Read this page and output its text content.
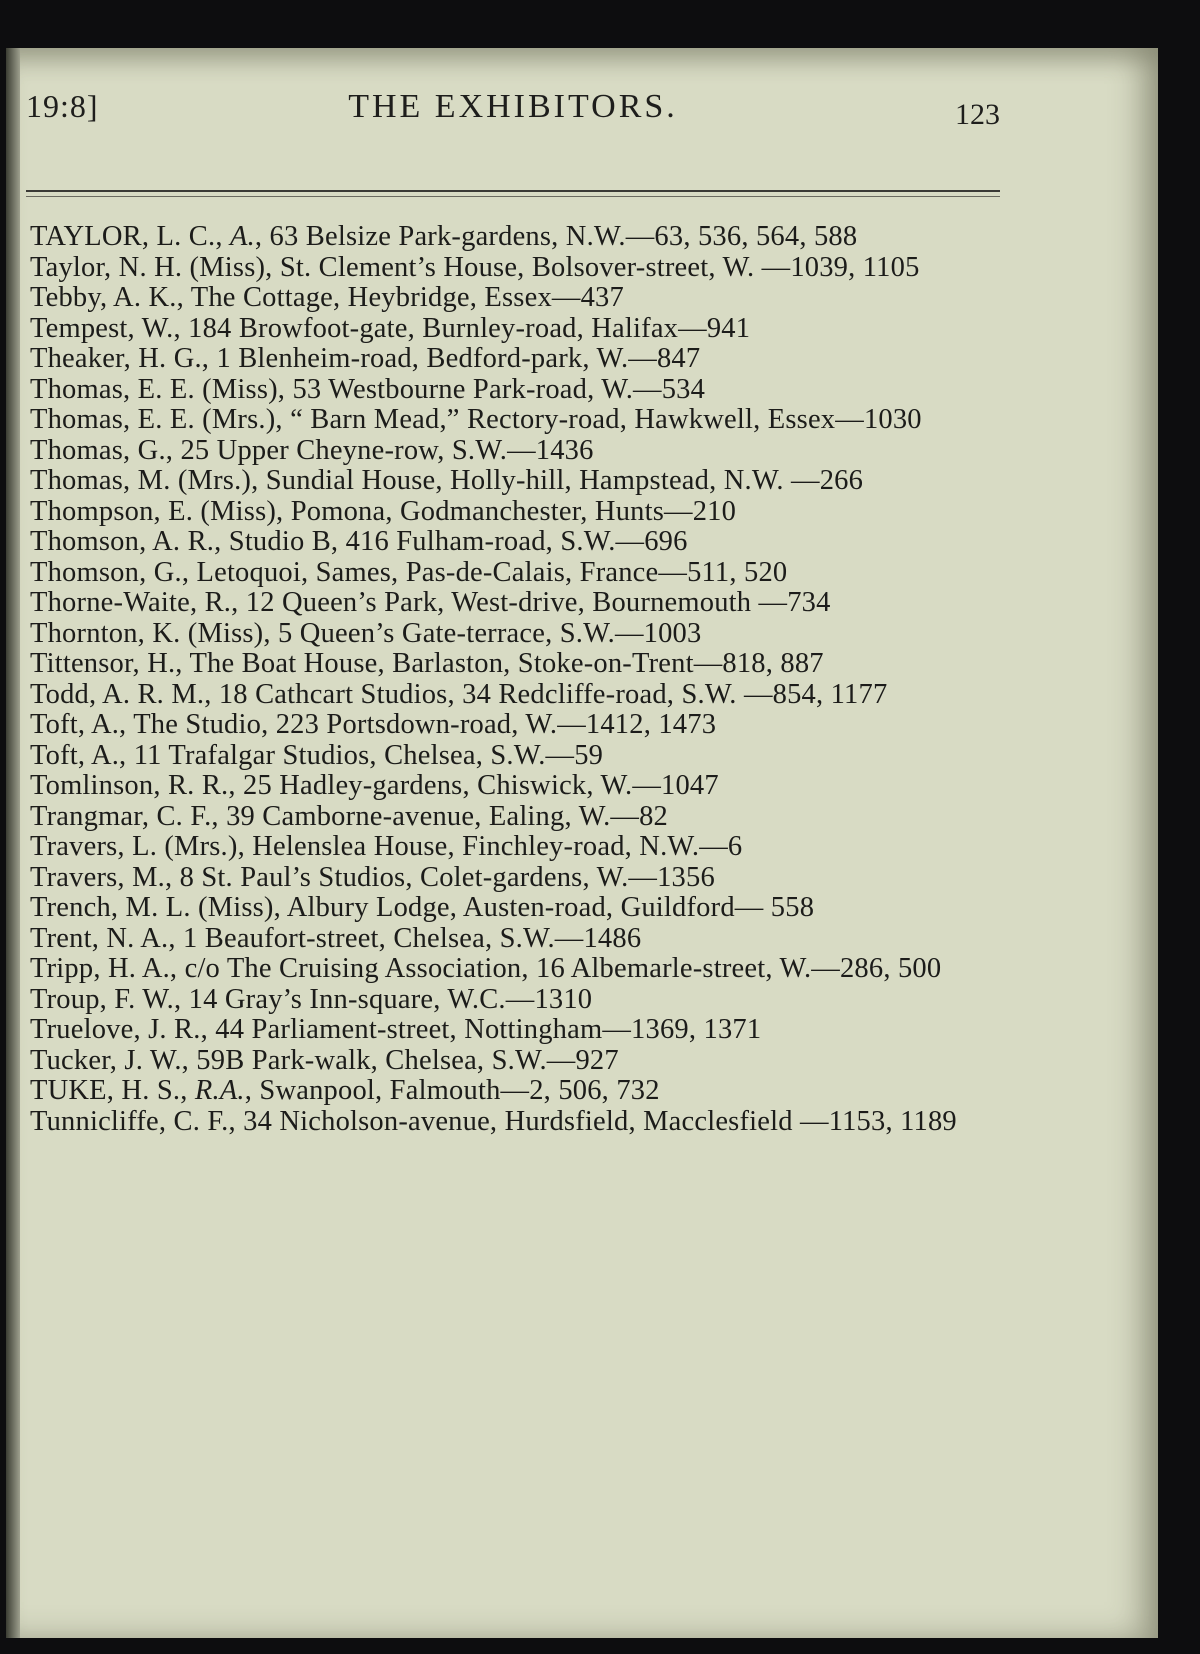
19:8]	THE EXHIBITORS.	123

TAYLOR, L. C., A., 63 Belsize Park-gardens, N.W.—63, 536, 564, 588

Taylor, N. H. (Miss), St. Clement’s House, Bolsover-street, W. —1039, 1105

Tebby, A. K., The Cottage, Heybridge, Essex—437

Tempest, W., 184 Browfoot-gate, Burnley-road, Halifax—941

Theaker, H. G., 1 Blenheim-road, Bedford-park, W.—847

Thomas, E. E. (Miss), 53 Westbourne Park-road, W.—534

Thomas, E. E. (Mrs.), “ Barn Mead,” Rectory-road, Hawkwell, Essex—1030

Thomas, G., 25 Upper Cheyne-row, S.W.—1436

Thomas, M. (Mrs.), Sundial House, Holly-hill, Hampstead, N.W. —266

Thompson, E. (Miss), Pomona, Godmanchester, Hunts—210

Thomson, A. R., Studio B, 416 Fulham-road, S.W.—696

Thomson, G., Letoquoi, Sames, Pas-de-Calais, France—511, 520

Thorne-Waite, R., 12 Queen’s Park, West-drive, Bournemouth —734

Thornton, K. (Miss), 5 Queen’s Gate-terrace, S.W.—1003

Tittensor, H., The Boat House, Barlaston, Stoke-on-Trent—818, 887

Todd, A. R. M., 18 Cathcart Studios, 34 Redcliffe-road, S.W. —854, 1177

Toft, A., The Studio, 223 Portsdown-road, W.—1412, 1473

Toft, A., 11 Trafalgar Studios, Chelsea, S.W.—59

Tomlinson, R. R., 25 Hadley-gardens, Chiswick, W.—1047

Trangmar, C. F., 39 Camborne-avenue, Ealing, W.—82

Travers, L. (Mrs.), Helenslea House, Finchley-road, N.W.—6

Travers, M., 8 St. Paul’s Studios, Colet-gardens, W.—1356

Trench, M. L. (Miss), Albury Lodge, Austen-road, Guildford— 558

Trent, N. A., 1 Beaufort-street, Chelsea, S.W.—1486

Tripp, H. A., c/o The Cruising Association, 16 Albemarle-street, W.—286, 500

Troup, F. W., 14 Gray’s Inn-square, W.C.—1310

Truelove, J. R., 44 Parliament-street, Nottingham—1369, 1371

Tucker, J. W., 59B Park-walk, Chelsea, S.W.—927

TUKE, H. S., R.A., Swanpool, Falmouth—2, 506, 732

Tunnicliffe, C. F., 34 Nicholson-avenue, Hurdsfield, Macclesfield —1153, 1189
